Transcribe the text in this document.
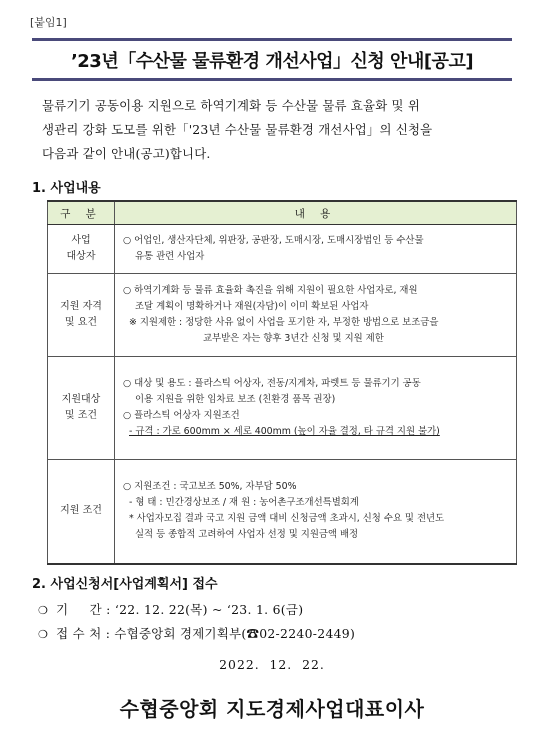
[붙임1]
’23년「수산물 물류환경 개선사업」신청 안내[공고]
물류기기 공동이용 지원으로 하역기계화 등 수산물 물류 효율화 및 위
생관리 강화 도모를 위한「'23년 수산물 물류환경 개선사업」의 신청을
다음과 같이 안내(공고)합니다.
1. 사업내용
구 분	내 용

사업
대상자	○ 어업인, 생산자단체, 위판장, 공판장, 도매시장, 도매시장법인 등 수산물
유통 관련 사업자

지원 자격
및 요건	○ 하역기계화 등 물류 효율화 촉진을 위해 지원이 필요한 사업자로, 재원
조달 계획이 명확하거나 재원(자담)이 이미 확보된 사업자
※ 지원제한 : 정당한 사유 없이 사업을 포기한 자, 부정한 방법으로 보조금을
교부받은 자는 향후 3년간 신청 및 지원 제한

지원대상
및 조건	○ 대상 및 용도 : 플라스틱 어상자, 전동/지게차, 파렛트 등 물류기기 공동
이용 지원을 위한 임차료 보조 (친환경 품목 권장)
○ 플라스틱 어상자 지원조건
- 규격 : 가로 600mm × 세로 400mm (높이 자율 결정, 타 규격 지원 불가)

지원 조건	○ 지원조건 : 국고보조 50%, 자부담 50%
- 형 태 : 민간경상보조 / 재 원 : 농어촌구조개선특별회계
* 사업자모집 결과 국고 지원 금액 대비 신청금액 초과시, 신청 수요 및 전년도
실적 등 종합적 고려하여 사업자 선정 및 지원금액 배정
2. 사업신청서[사업계획서] 접수
❍ 기     간 : ‘22. 12. 22(목) ~ ‘23. 1. 6(금)
❍ 접 수 처 : 수협중앙회 경제기획부(☎02-2240-2449)
2022.  12.  22.
수협중앙회 지도경제사업대표이사
